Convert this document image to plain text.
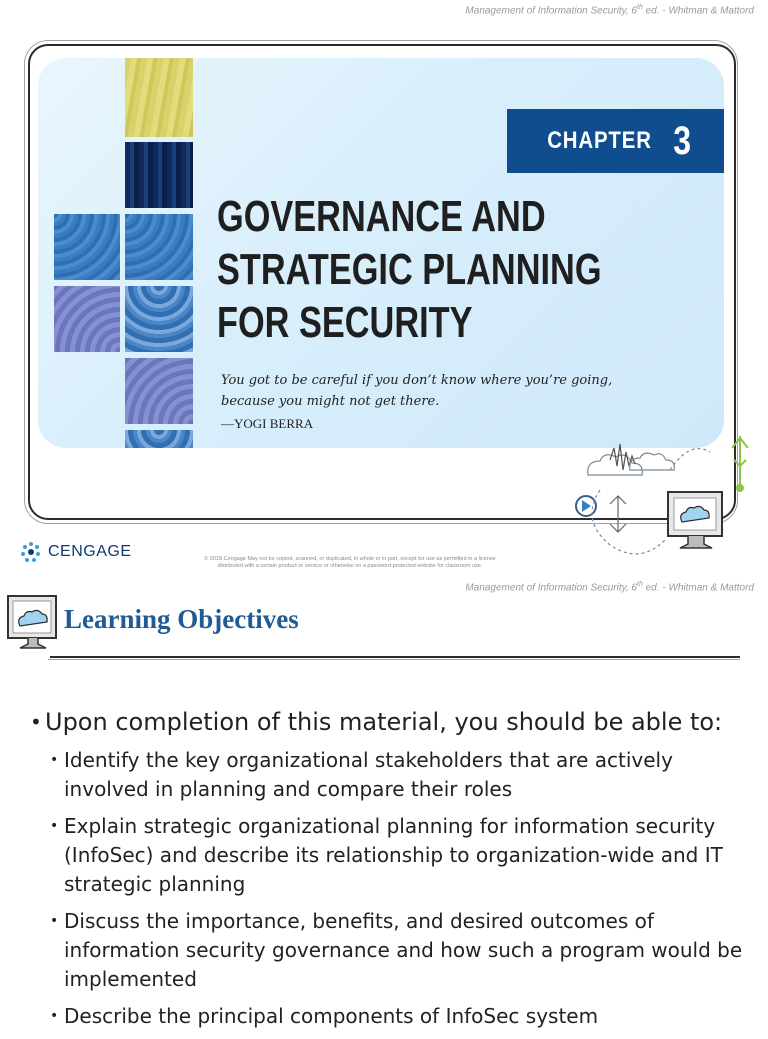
Management of Information Security, 6th ed. - Whitman & Mattord
CHAPTER 3
GOVERNANCE AND
STRATEGIC PLANNING
FOR SECURITY
You got to be careful if you don’t know where you’re going,
because you might not get there.
—YOGI BERRA
CENGAGE	© 2018 Cengage May not be copied, scanned, or duplicated, in whole or in part, except for use as permitted in a license
distributed with a certain product or service or otherwise on a password-protected website for classroom use.
Management of Information Security, 6th ed. - Whitman & Mattord
Learning Objectives
• Upon completion of this material, you should be able to:
• Identify the key organizational stakeholders that are actively involved in planning and compare their roles
• Explain strategic organizational planning for information security (InfoSec) and describe its relationship to organization-wide and IT strategic planning
• Discuss the importance, benefits, and desired outcomes of information security governance and how such a program would be implemented
• Describe the principal components of InfoSec system
